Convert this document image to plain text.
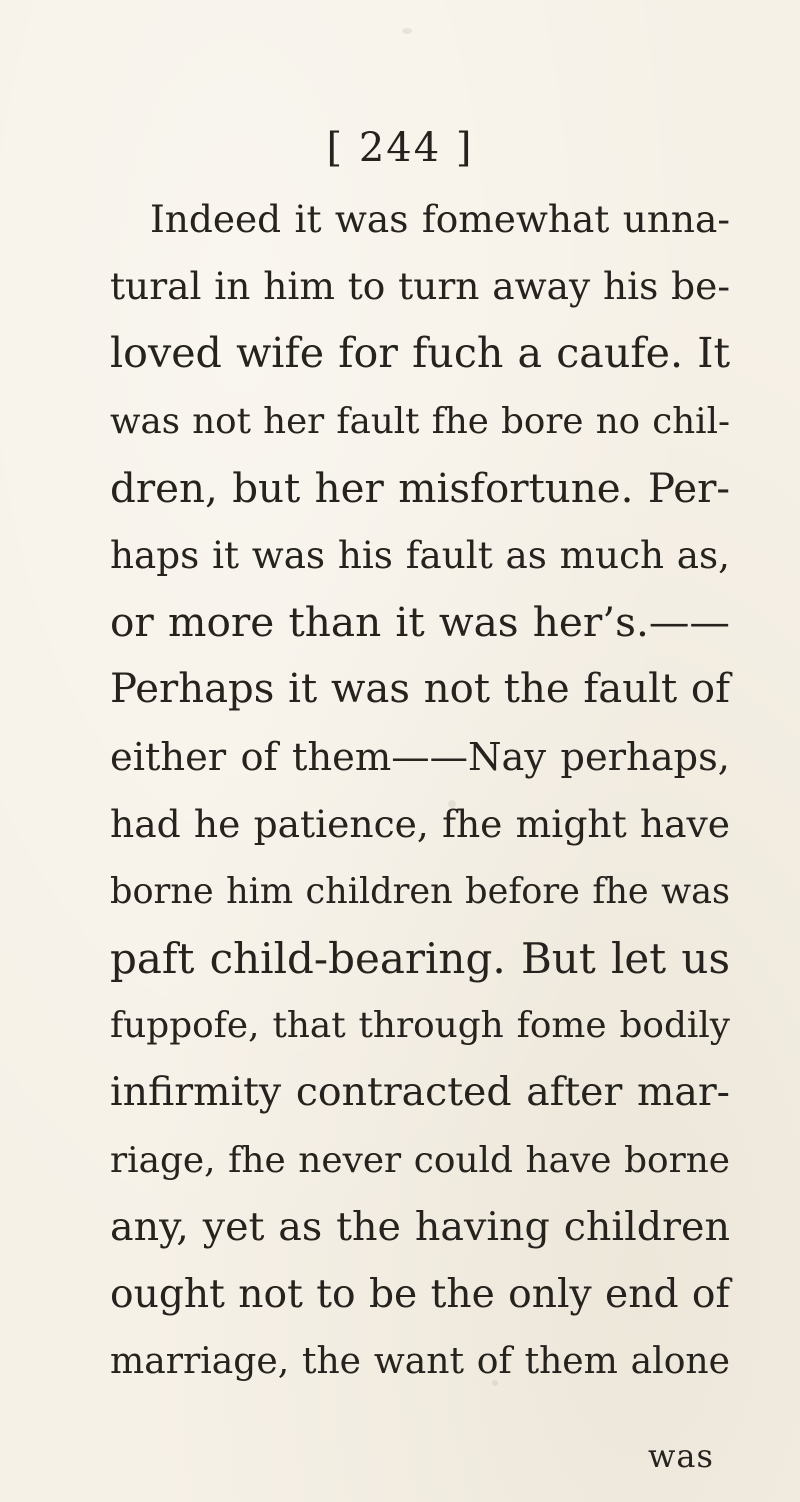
[ 244 ]
Indeed it was fomewhat unna-
tural in him to turn away his be-
loved wife for fuch a caufe. It
was not her fault fhe bore no chil-
dren, but her misfortune. Per-
haps it was his fault as much as,
or more than it was her’s.——
Perhaps it was not the fault of
either of them——Nay perhaps,
had he patience, fhe might have
borne him children before fhe was
paft child-bearing. But let us
fuppofe, that through fome bodily
infirmity contracted after mar-
riage, fhe never could have borne
any, yet as the having children
ought not to be the only end of
marriage, the want of them alone
was
